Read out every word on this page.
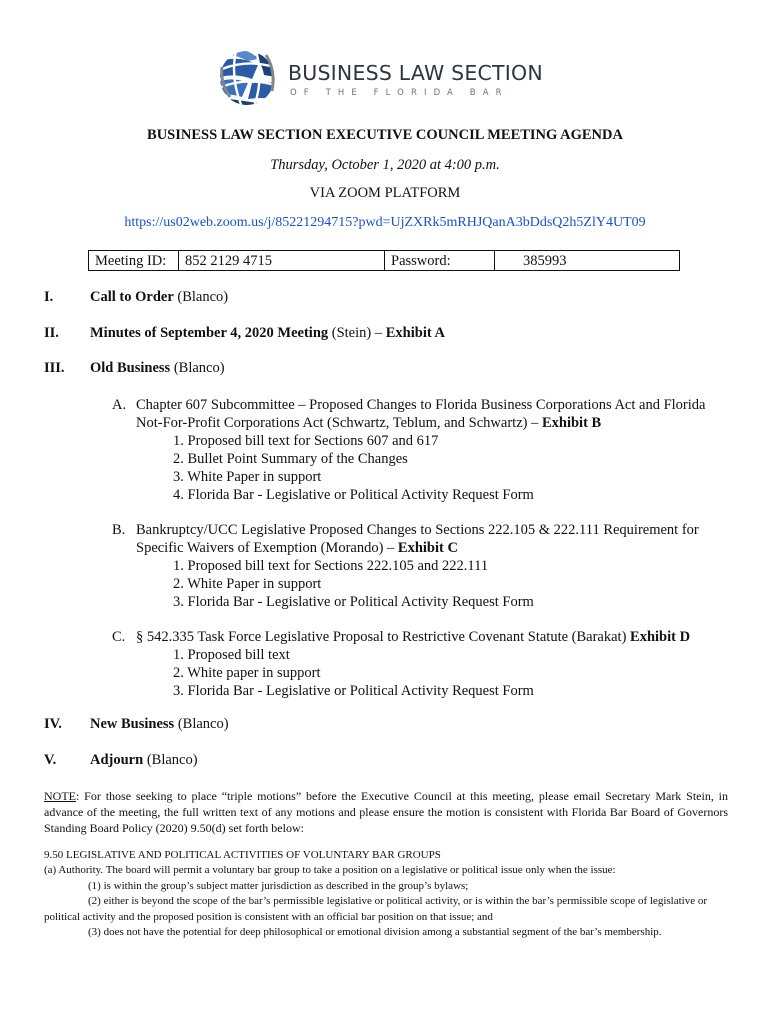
BUSINESS LAW SECTION
OF THE FLORIDA BAR
BUSINESS LAW SECTION EXECUTIVE COUNCIL MEETING AGENDA
Thursday, October 1, 2020 at 4:00 p.m.
VIA ZOOM PLATFORM
https://us02web.zoom.us/j/85221294715?pwd=UjZXRk5mRHJQanA3bDdsQ2h5ZlY4UT09
Meeting ID:	852 2129 4715	Password:	385993
I.	Call to Order (Blanco)
II. Minutes of September 4, 2020 Meeting (Stein) – Exhibit A
III. Old Business (Blanco)
A. Chapter 607 Subcommittee – Proposed Changes to Florida Business Corporations Act and Florida Not-For-Profit Corporations Act (Schwartz, Teblum, and Schwartz) – Exhibit B
1. Proposed bill text for Sections 607 and 617
2. Bullet Point Summary of the Changes
3. White Paper in support
4. Florida Bar - Legislative or Political Activity Request Form
B. Bankruptcy/UCC Legislative Proposed Changes to Sections 222.105 & 222.111 Requirement for Specific Waivers of Exemption (Morando) – Exhibit C
1. Proposed bill text for Sections 222.105 and 222.111
2. White Paper in support
3. Florida Bar - Legislative or Political Activity Request Form
C. § 542.335 Task Force Legislative Proposal to Restrictive Covenant Statute (Barakat) Exhibit D
1. Proposed bill text
2. White paper in support
3. Florida Bar - Legislative or Political Activity Request Form
IV. New Business (Blanco)
V. Adjourn (Blanco)
NOTE: For those seeking to place “triple motions” before the Executive Council at this meeting, please email Secretary Mark Stein, in advance of the meeting, the full written text of any motions and please ensure the motion is consistent with Florida Bar Board of Governors Standing Board Policy (2020) 9.50(d) set forth below:
9.50 LEGISLATIVE AND POLITICAL ACTIVITIES OF VOLUNTARY BAR GROUPS
(a) Authority. The board will permit a voluntary bar group to take a position on a legislative or political issue only when the issue:
(1) is within the group’s subject matter jurisdiction as described in the group’s bylaws;
(2) either is beyond the scope of the bar’s permissible legislative or political activity, or is within the bar’s permissible scope of legislative or political activity and the proposed position is consistent with an official bar position on that issue; and
(3) does not have the potential for deep philosophical or emotional division among a substantial segment of the bar’s membership.
